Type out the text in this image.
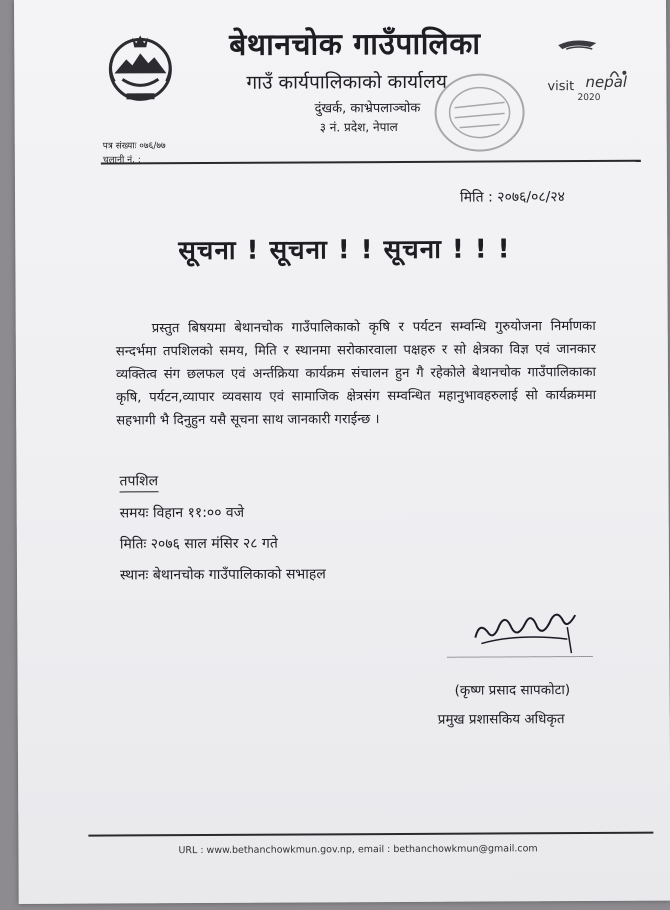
बेथानचोक गाउँपालिका
गाउँ कार्यपालिकाको कार्यालय
दुंखर्क, काभ्रेपलाञ्चोक
३ नं. प्रदेश, नेपाल
visit nepal
2020
पत्र संख्याः ०७६/७७
चलानी नं. :
मिति : २०७६/०८/२४
सूचना ! सूचना ! ! सूचना ! ! !
प्रस्तुत बिषयमा बेथानचोक गाउँपालिकाको कृषि र पर्यटन सम्वन्धि गुरुयोजना निर्माणका सन्दर्भमा तपशिलको समय, मिति र स्थानमा सरोकारवाला पक्षहरु र सो क्षेत्रका विज्ञ एवं जानकार व्यक्तित्व संग छलफल एवं अर्न्तक्रिया कार्यक्रम संचालन हुन गै रहेकोले बेथानचोक गाउँपालिकाका कृषि, पर्यटन,व्यापार व्यवसाय एवं सामाजिक क्षेत्रसंग सम्वन्धित महानुभावहरुलाई सो कार्यक्रममा सहभागी भै दिनुहुन यसै सूचना साथ जानकारी गराईन्छ ।
तपशिल
समयः विहान ११:०० वजे
मितिः २०७६ साल मंसिर २८ गते
स्थानः बेथानचोक गाउँपालिकाको सभाहल
(कृष्ण प्रसाद सापकोटा)
प्रमुख प्रशासकिय अधिकृत
URL : www.bethanchowkmun.gov.np, email : bethanchowkmun@gmail.com
